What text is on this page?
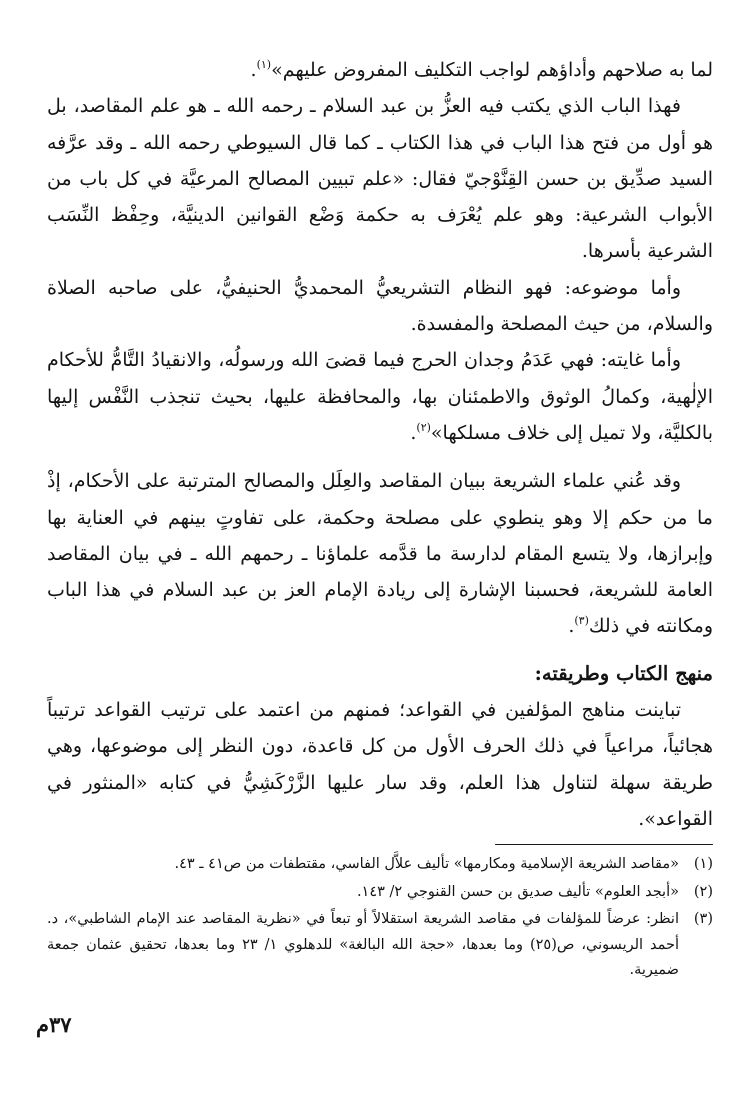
لما به صلاحهم وأداؤهم لواجب التكليف المفروض عليهم»$^{(١)}$.

فهذا الباب الذي يكتب فيه العزُّ بن عبد السلام ـ رحمه الله ـ هو علم المقاصد، بل هو أول من فتح هذا الباب في هذا الكتاب ـ كما قال السيوطي رحمه الله ـ وقد عرَّفه السيد صدِّيق بن حسن القِنَّوْجيّ فقال: «علم تبيين المصالح المرعيَّة في كل باب من الأبواب الشرعية: وهو علم يُعْرَف به حكمة وَضْع القوانين الدينيَّة، وحِفْظ النِّسَب الشرعية بأسرها.

وأما موضوعه: فهو النظام التشريعيُّ المحمديُّ الحنيفيُّ، على صاحبه الصلاة والسلام، من حيث المصلحة والمفسدة.

وأما غايته: فهي عَدَمُ وجدان الحرج فيما قضىَ الله ورسولُه، والانقيادُ التَّامُّ للأحكام الإلٰهية، وكمالُ الوثوق والاطمئنان بها، والمحافظة عليها، بحيث تنجذب النَّفْس إليها بالكليَّة، ولا تميل إلى خلاف مسلكها»$^{(٢)}$.

وقد عُني علماء الشريعة ببيان المقاصد والعِلَل والمصالح المترتبة على الأحكام، إذْ ما من حكم إلا وهو ينطوي على مصلحة وحكمة، على تفاوتٍ بينهم في العناية بها وإبرازها، ولا يتسع المقام لدارسة ما قدَّمه علماؤنا ـ رحمهم الله ـ في بيان المقاصد العامة للشريعة، فحسبنا الإشارة إلى ريادة الإمام العز بن عبد السلام في هذا الباب ومكانته في ذلك$^{(٣)}$.

منهج الكتاب وطريقته:

تباينت مناهج المؤلفين في القواعد؛ فمنهم من اعتمد على ترتيب القواعد ترتيباً هجائياً، مراعياً في ذلك الحرف الأول من كل قاعدة، دون النظر إلى موضوعها، وهي طريقة سهلة لتناول هذا العلم، وقد سار عليها الزَّرْكَشِيُّ في كتابه «المنثور في القواعد».

(١)
«مقاصد الشريعة الإسلامية ومكارمها» تأليف علاَّل الفاسي، مقتطفات من ص٤١ ـ ٤٣.
(٢)
«أبجد العلوم» تأليف صديق بن حسن القنوجي ٢/ ١٤٣.
(٣)
انظر: عرضاً للمؤلفات في مقاصد الشريعة استقلالاً أو تبعاً في «نظرية المقاصد عند الإمام الشاطبي»، د. أحمد الريسوني، ص(٢٥) وما بعدها، «حجة الله البالغة» للدهلوي ١/ ٢٣ وما بعدها، تحقيق عثمان جمعة ضميرية.
٣٧م
